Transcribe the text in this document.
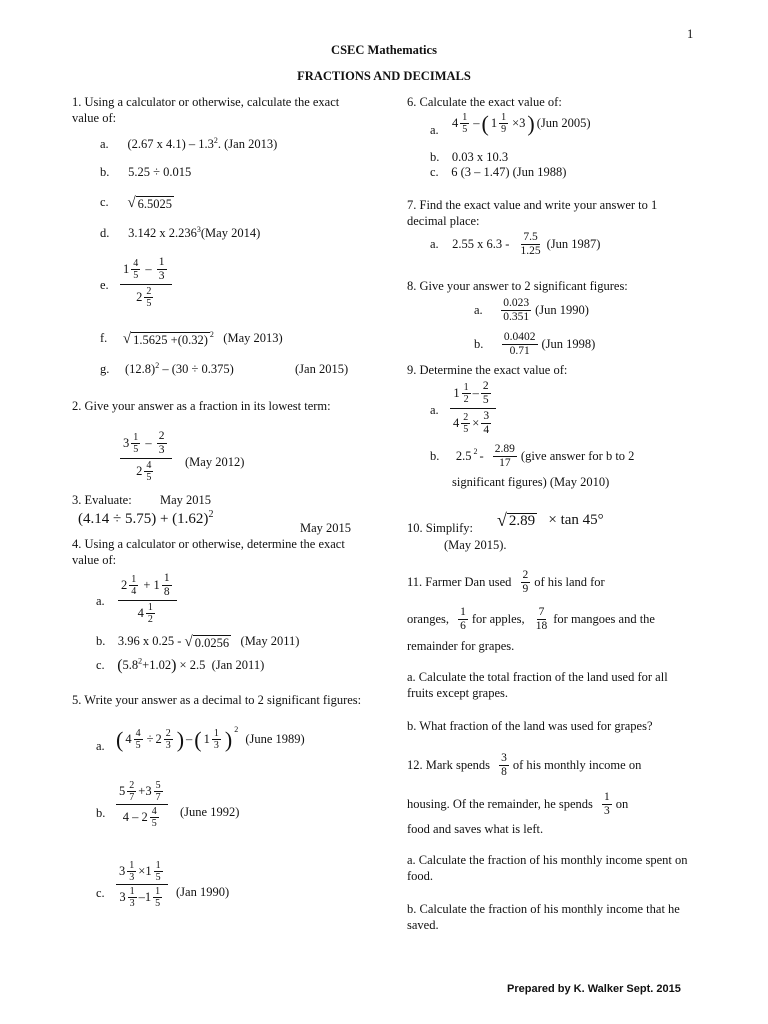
1
CSEC Mathematics
FRACTIONS AND DECIMALS
1. Using a calculator or otherwise, calculate the exact value of:
a. (2.67 x $4.1) - 1.3^2$. (Jan 2013)
b. 5.25 ÷ 0.015
c. √ 6.5025
d. 3.142 x 2.236$^3$(May 2014)
e. 1 4
5
–
1
3
2 2
5
f. √ 1.5625 +(0.32) $^2$ (May 2013)
g. $(12.8)^2 - (30 \div 0.375)$	(Jan 2015)
2. Give your answer as a fraction in its lowest term:
3 1
5
–
2
3
2 4
5 (May 2012)
3. Evaluate: May 2015
$(4.14 \div 5.75) + (1.62)^2$
May 2015
4. Using a calculator or otherwise, determine the exact value of:
a. 2 1
4
+ 1 1
8
4 1
2
b. 3.96 x 0.25 - √ 0.0256 (May 2011)
c. $(5.8^2+1.02) \times 2.5$ (Jan 2011)
5. Write your answer as a decimal to 2 significant figures:
a. ( 4 4
5 ÷ 2 2
3 ) – ( 1 1
3 ) $^2$

(June 1989)
b. 5 2
7 + 3 5
7
4
–
2 4
5 (June 1992)
c. 3 1
3 × 1 1
5
3 1
3 – 1 1
5 (Jan 1990)
6. Calculate the exact value of:
a.
4 1
5 – ( 1 1
9 ×3 ) (Jun 2005)
b. 0.03 x 10.3
c. 6 (3 – 1.47) (Jun 1988)
7. Find the exact value and write your answer to 1 decimal place:
a.
2.55 x 6.3 -
7.5
1.25
(Jun 1987)
8. Give your answer to 2 significant figures:
a.
0.023
0.351
(Jun 1990)
b.
0.0402
0.71
(Jun 1998)
9. Determine the exact value of:
a. 1 1
2 – 2
5
4 2
$5 \times \frac{3}{4}$
b.
2.5 $^2$ -
2.89
17
(give answer for b to 2
significant figures) (May 2010)
10. Simplify: √ 2.89 × tan 45°
(May 2015).
11. Farmer Dan used
2
9
of his land for
oranges,
1
6
for apples,
7
18
for mangoes and the
remainder for grapes.
a. Calculate the total fraction of the land used for all fruits except grapes.
b. What fraction of the land was used for grapes?
12. Mark spends
3
8
of his monthly income on
housing. Of the remainder, he spends
1
3
on
food and saves what is left.
a. Calculate the fraction of his monthly income spent on food.
b. Calculate the fraction of his monthly income that he saved.
Prepared by K. Walker Sept. 2015
